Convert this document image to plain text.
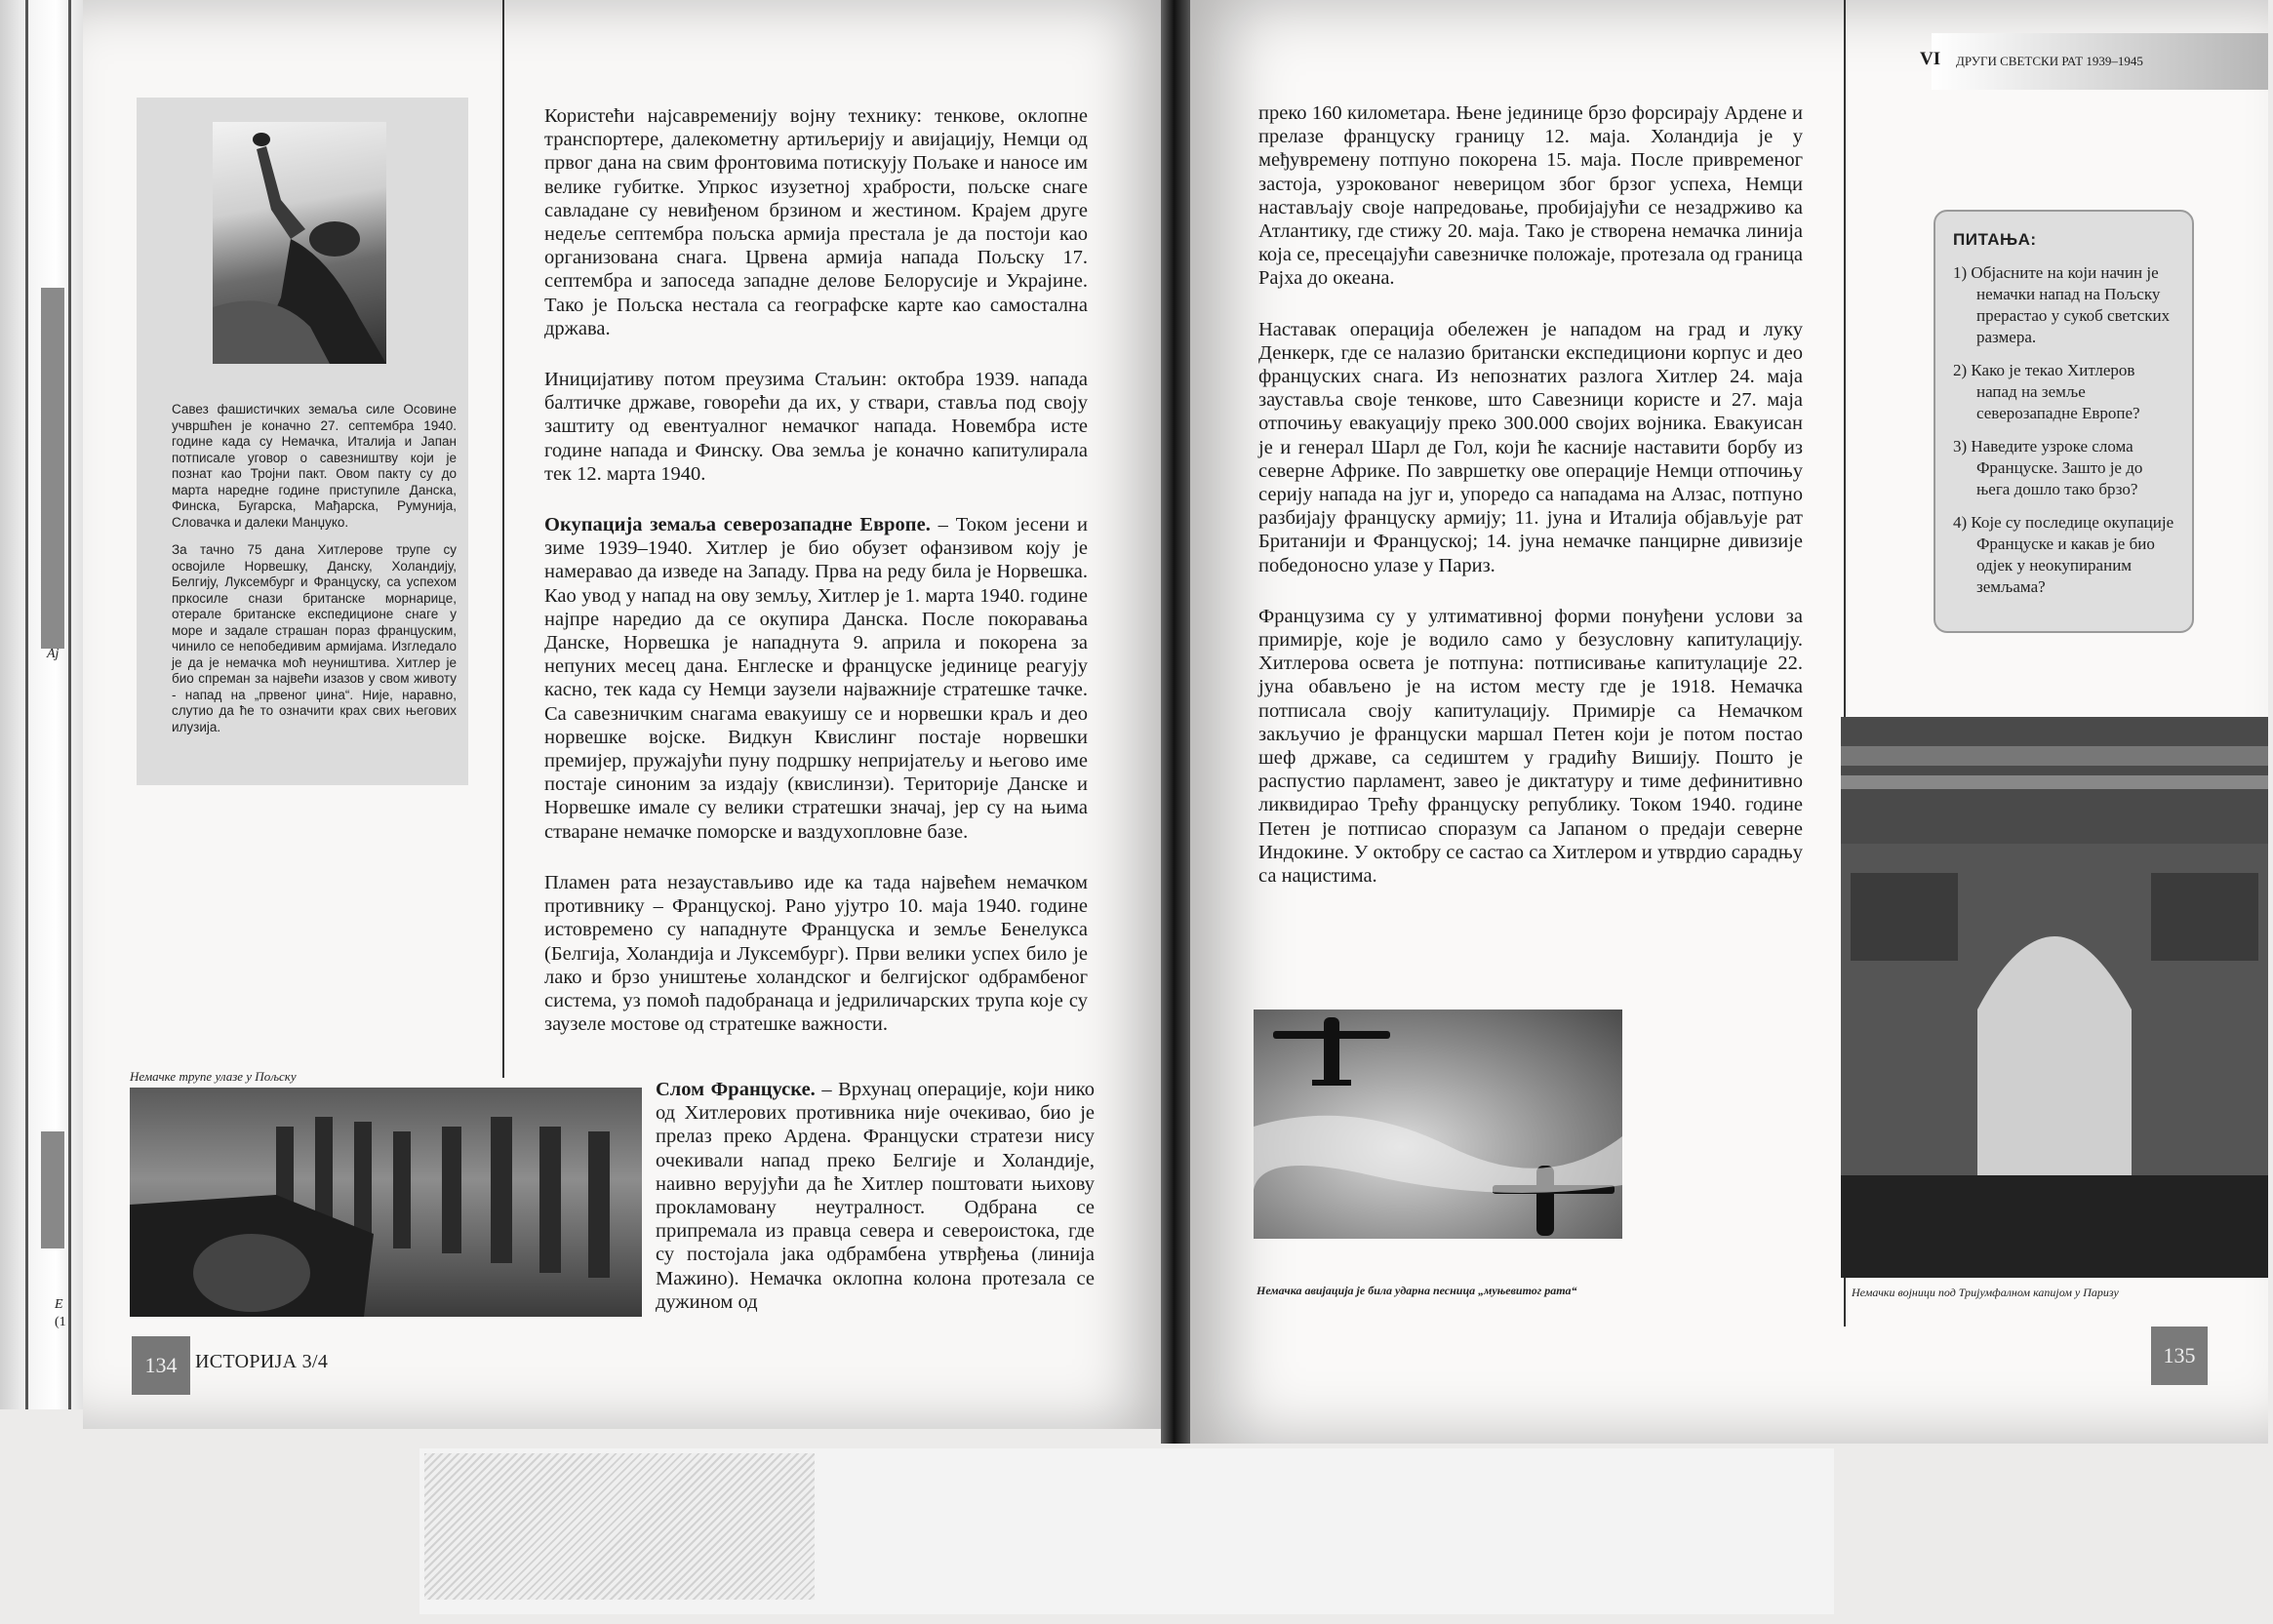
Ај
Е
(1

Савез фашистичких земаља силе Осовине учвршћен је коначно 27. септембра 1940. године када су Немачка, Италија и Јапан потписале уговор о савезништву који је познат као Тројни пакт. Овом пакту су до марта наредне године приступиле Данска, Финска, Бугарска, Мађарска, Румунија, Словачка и далеки Манџуко.

За тачно 75 дана Хитлерове трупе су освојиле Норвешку, Данску, Холандију, Белгију, Луксембург и Француску, са успехом пркосиле снази британске морнарице, отерале британске експедиционе снаге у море и задале страшан пораз француским, чинило се непобедивим армијама. Изгледало је да је немачка моћ неуништива. Хитлер је био спреман за највећи изазов у свом животу - напад на „првеног џина“. Није, наравно, слутио да ће то означити крах свих његових илузија.

Користећи најсавременију војну технику: тенкове, оклопне транспортере, далекометну артиљерију и авијацију, Немци од првог дана на свим фронтовима потискују Пољаке и наносе им велике губитке. Упркос изузетној храбрости, пољске снаге савладане су невиђеном брзином и жестином. Крајем друге недеље септембра пољска армија престала је да постоји као организована снага. Црвена армија напада Пољску 17. септембра и запоседа западне делове Белорусије и Украјине. Тако је Пољска нестала са географске карте као самостална држава.

Иницијативу потом преузима Стаљин: октобра 1939. напада балтичке државе, говорећи да их, у ствари, ставља под своју заштиту од евентуалног немачког напада. Новембра исте године напада и Финску. Ова земља је коначно капитулирала тек 12. марта 1940.

Окупација земаља северозападне Европе. – Током јесени и зиме 1939–1940. Хитлер је био обузет офанзивом коју је намеравао да изведе на Западу. Прва на реду била је Норвешка. Као увод у напад на ову земљу, Хитлер је 1. марта 1940. године најпре наредио да се окупира Данска. После покоравања Данске, Норвешка је нападнута 9. априла и покорена за непуних месец дана. Енглеске и француске јединице реагују касно, тек када су Немци заузели најважније стратешке тачке. Са савезничким снагама евакуишу се и норвешки краљ и део норвешке војске. Видкун Квислинг постаје норвешки премијер, пружајући пуну подршку непријатељу и његово име постаје синоним за издају (квислинзи). Територије Данске и Норвешке имале су велики стратешки значај, јер су на њима стваране немачке поморске и ваздухопловне базе.

Пламен рата незаустављиво иде ка тада највећем немачком противнику – Француској. Рано ујутро 10. маја 1940. године истовремено су нападнуте Француска и земље Бенелукса (Белгија, Холандија и Луксембург). Први велики успех било је лако и брзо уништење холандског и белгијског одбрамбеног система, уз помоћ падобранаца и једриличарских трупа које су заузеле мостове од стратешке важности.

Немачке трупе улазе у Пољску

Слом Француске. – Врхунац операције, који нико од Хитлерових противника није очекивао, био је прелаз преко Ардена. Француски стратези нису очекивали напад преко Белгије и Холандије, наивно верујући да ће Хитлер поштовати њихову прокламовану неутралност. Одбрана се припремала из правца севера и североистока, где су постојала јака одбрамбена утврђења (линија Мажино). Немачка оклопна колона протезала се дужином од

134 ИСТОРИЈА 3/4
VI ДРУГИ СВЕТСКИ РАТ 1939–1945

преко 160 километара. Њене јединице брзо форсирају Ардене и прелазе француску границу 12. маја. Холандија је у међувремену потпуно покорена 15. маја. После привременог застоја, узрокованог неверицом због брзог успеха, Немци настављају своје напредовање, пробијајући се незадрживо ка Атлантику, где стижу 20. маја. Тако је створена немачка линија која се, пресецајући савезничке положаје, протезала од граница Рајха до океана.

Наставак операција обележен је нападом на град и луку Денкерк, где се налазио британски експедициони корпус и део француских снага. Из непознатих разлога Хитлер 24. маја зауставља своје тенкове, што Савезници користе и 27. маја отпочињу евакуацију преко 300.000 својих војника. Евакуисан је и генерал Шарл де Гол, који ће касније наставити борбу из северне Африке. По завршетку ове операције Немци отпочињу серију напада на југ и, упоредо са нападама на Алзас, потпуно разбијају француску армију; 11. јуна и Италија објављује рат Британији и Француској; 14. јуна немачке панцирне дивизије победоносно улазе у Париз.

Французима су у ултимативној форми понуђени услови за примирје, које је водило само у безусловну капитулацију. Хитлерова освета је потпуна: потписивање капитулације 22. јуна обављено је на истом месту где је 1918. Немачка потписала своју капитулацију. Примирје са Немачком закључио је француски маршал Петен који је потом постао шеф државе, са седиштем у градићу Вишију. Пошто је распустио парламент, завео је диктатуру и тиме дефинитивно ликвидирао Трећу француску републику. Током 1940. године Петен је потписао споразум са Јапаном о предаји северне Индокине. У октобру се састао са Хитлером и утврдио сарадњу са нацистима.

ПИТАЊА:
1) Објасните на који начин је немачки напад на Пољску прерастао у сукоб светских размера.
2) Како је текао Хитлеров напад на земље северозападне Европе?
3) Наведите узроке слома Француске. Зашто је до њега дошло тако брзо?
4) Које су последице окупације Француске и какав је био одјек у неокупираним земљама?
Немачка авијација је била ударна песница „муњевитог рата“	Немачки војници под Тријумфалном капијом у Паризу
135
